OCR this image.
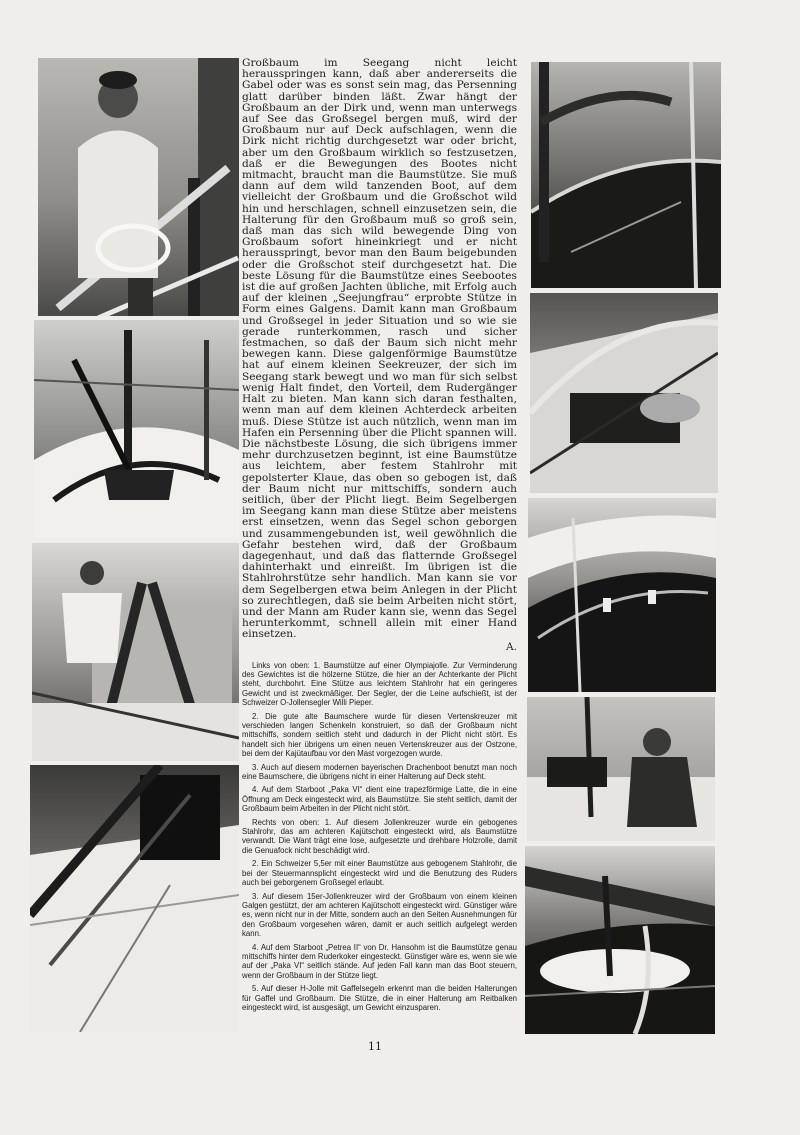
Großbaum im Seegang nicht leicht herausspringen kann, daß aber andererseits die Gabel oder was es sonst sein mag, das Persenning glatt darüber binden läßt. Zwar hängt der Großbaum an der Dirk und, wenn man unterwegs auf See das Großsegel bergen muß, wird der Großbaum nur auf Deck aufschlagen, wenn die Dirk nicht richtig durchgesetzt war oder bricht, aber um den Großbaum wirklich so festzusetzen, daß er die Bewegungen des Bootes nicht mitmacht, braucht man die Baumstütze. Sie muß dann auf dem wild tanzenden Boot, auf dem vielleicht der Großbaum und die Großschot wild hin und herschlagen, schnell einzusetzen sein, die Halterung für den Großbaum muß so groß sein, daß man das sich wild bewegende Ding von Großbaum sofort hineinkriegt und er nicht herausspringt, bevor man den Baum beigebunden oder die Großschot steif durchgesetzt hat. Die beste Lösung für die Baumstütze eines Seebootes ist die auf großen Jachten übliche, mit Erfolg auch auf der kleinen „Seejungfrau“ erprobte Stütze in Form eines Galgens. Damit kann man Großbaum und Großsegel in jeder Situation und so wie sie gerade runterkommen, rasch und sicher festmachen, so daß der Baum sich nicht mehr bewegen kann. Diese galgenförmige Baumstütze hat auf einem kleinen Seekreuzer, der sich im Seegang stark bewegt und wo man für sich selbst wenig Halt findet, den Vorteil, dem Rudergänger Halt zu bieten. Man kann sich daran festhalten, wenn man auf dem kleinen Achterdeck arbeiten muß. Diese Stütze ist auch nützlich, wenn man im Hafen ein Persenning über die Plicht spannen will. Die nächstbeste Lösung, die sich übrigens immer mehr durchzusetzen beginnt, ist eine Baumstütze aus leichtem, aber festem Stahlrohr mit gepolsterter Klaue, das oben so gebogen ist, daß der Baum nicht nur mittschiffs, sondern auch seitlich, über der Plicht liegt. Beim Segelbergen im Seegang kann man diese Stütze aber meistens erst einsetzen, wenn das Segel schon geborgen und zusammengebunden ist, weil gewöhnlich die Gefahr bestehen wird, daß der Großbaum dagegenhaut, und daß das flatternde Großsegel dahinterhakt und einreißt. Im übrigen ist die Stahlrohrstütze sehr handlich. Man kann sie vor dem Segelbergen etwa beim Anlegen in der Plicht so zurechtlegen, daß sie beim Arbeiten nicht stört, und der Mann am Ruder kann sie, wenn das Segel herunterkommt, schnell allein mit einer Hand einsetzen.

A.

Links von oben: 1. Baumstütze auf einer Olympiajolle. Zur Verminderung des Gewichtes ist die hölzerne Stütze, die hier an der Achterkante der Plicht steht, durchbohrt. Eine Stütze aus leichtem Stahlrohr hat ein geringeres Gewicht und ist zweckmäßiger. Der Segler, der die Leine aufschießt, ist der Schweizer O-Jollensegler Willi Pieper.

2. Die gute alte Baumschere wurde für diesen Vertenskreuzer mit verschieden langen Schenkeln konstruiert, so daß der Großbaum nicht mittschiffs, sondern seitlich steht und dadurch in der Plicht nicht stört. Es handelt sich hier übrigens um einen neuen Vertenskreuzer aus der Ostzone, bei dem der Kajütaufbau vor den Mast vorgezogen wurde.

3. Auch auf diesem modernen bayerischen Drachenboot benutzt man noch eine Baumschere, die übrigens nicht in einer Halterung auf Deck steht.

4. Auf dem Starboot „Paka VI“ dient eine trapezförmige Latte, die in eine Öffnung am Deck eingesteckt wird, als Baumstütze. Sie steht seitlich, damit der Großbaum beim Arbeiten in der Plicht nicht stört.

Rechts von oben: 1. Auf diesem Jollenkreuzer wurde ein gebogenes Stahlrohr, das am achteren Kajütschott eingesteckt wird, als Baumstütze verwandt. Die Want trägt eine lose, aufgesetzte und drehbare Holzrolle, damit die Genuafock nicht beschädigt wird.

2. Ein Schweizer 5,5er mit einer Baumstütze aus gebogenem Stahlrohr, die bei der Steuermannsplicht eingesteckt wird und die Benutzung des Ruders auch bei geborgenem Großsegel erlaubt.

3. Auf diesem 15er-Jollenkreuzer wird der Großbaum von einem kleinen Galgen gestützt, der am achteren Kajütschott eingesteckt wird. Günstiger wäre es, wenn nicht nur in der Mitte, sondern auch an den Seiten Ausnehmungen für den Großbaum vorgesehen wären, damit er auch seitlich aufgelegt werden kann.

4. Auf dem Starboot „Petrea II“ von Dr. Hansohm ist die Baumstütze genau mittschiffs hinter dem Ruderkoker eingesteckt. Günstiger wäre es, wenn sie wie auf der „Paka VI“ seitlich stände. Auf jeden Fall kann man das Boot steuern, wenn der Großbaum in der Stütze liegt.

5. Auf dieser H-Jolle mit Gaffelsegeln erkennt man die beiden Halterungen für Gaffel und Großbaum. Die Stütze, die in einer Halterung am Reitbalken eingesteckt wird, ist ausgesägt, um Gewicht einzusparen.

11
